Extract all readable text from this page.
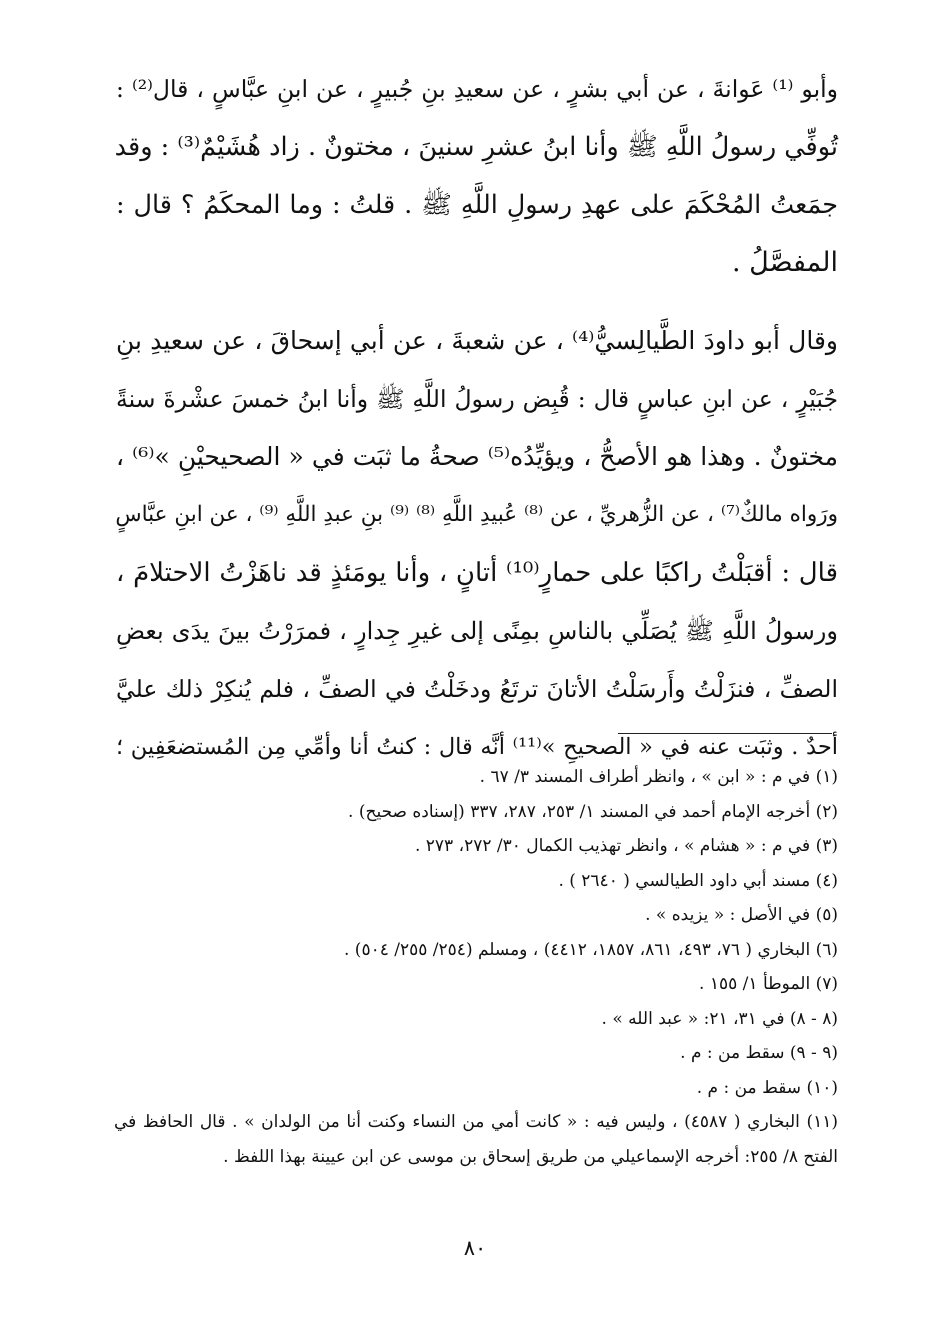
وأبو ⁽¹⁾ عَوانةَ ، عن أبي بشرٍ ، عن سعيدِ بنِ جُبيرٍ ، عن ابنِ عبَّاسٍ ، قال⁽²⁾ :
تُوفِّي رسولُ اللَّهِ ﷺ وأنا ابنُ عشرِ سنينَ ، مختونٌ . زاد هُشَيْمٌ⁽³⁾ : وقد
جمَعتُ المُحْكَمَ على عهدِ رسولِ اللَّهِ ﷺ . قلتُ : وما المحكَمُ ؟ قال :
المفصَّلُ .
وقال أبو داودَ الطَّيالِسيُّ⁽⁴⁾ ، عن شعبةَ ، عن أبي إسحاقَ ، عن سعيدِ بنِ
جُبَيْرٍ ، عن ابنِ عباسٍ قال : قُبِض رسولُ اللَّهِ ﷺ وأنا ابنُ خمسَ عشْرةَ سنةً
مختونٌ . وهذا هو الأصحُّ ، ويؤيِّدُه⁽⁵⁾ صحةُ ما ثبَت في « الصحيحيْنِ »⁽⁶⁾ ،
ورَواه مالكٌ⁽⁷⁾ ، عن الزُّهريِّ ، عن ⁽⁸⁾ عُبيدِ اللَّهِ ⁽⁸⁾ ⁽⁹⁾ بنِ عبدِ اللَّهِ ⁽⁹⁾ ، عن ابنِ عبَّاسٍ
قال : أقبَلْتُ راكبًا على حمارٍ⁽¹⁰⁾ أتانٍ ، وأنا يومَئذٍ قد ناهَزْتُ الاحتلامَ ،
ورسولُ اللَّهِ ﷺ يُصَلِّي بالناسِ بمِنًى إلى غيرِ جِدارٍ ، فمرَرْتُ بينَ يدَى بعضِ
الصفِّ ، فنزَلْتُ وأَرسَلْتُ الأتانَ ترتَعُ ودخَلْتُ في الصفِّ ، فلم يُنكِرْ ذلك عليَّ
أحدٌ . وثبَت عنه في « الصحيحِ »⁽¹¹⁾ أنَّه قال : كنتُ أنا وأمِّي مِن المُستضعَفِين ؛
(١) في م : « ابن » ، وانظر أطراف المسند ٣/ ٦٧ .
(٢) أخرجه الإمام أحمد في المسند ١/ ٢٥٣، ٢٨٧، ٣٣٧ (إسناده صحيح) .
(٣) في م : « هشام » ، وانظر تهذيب الكمال ٣٠/ ٢٧٢، ٢٧٣ .
(٤) مسند أبي داود الطيالسي ( ٢٦٤٠ ) .
(٥) في الأصل : « يزيده » .
(٦) البخاري ( ٧٦، ٤٩٣، ٨٦١، ١٨٥٧، ٤٤١٢) ، ومسلم (٢٥٤/ ٢٥٥/ ٥٠٤) .
(٧) الموطأ ١/ ١٥٥ .
(٨ - ٨) في ٣١، ٢١: « عبد الله » .
(٩ - ٩) سقط من : م .
(١٠) سقط من : م .
(١١) البخاري ( ٤٥٨٧) ، وليس فيه : « كانت أمي من النساء وكنت أنا من الولدان » . قال الحافظ في
الفتح ٨/ ٢٥٥: أخرجه الإسماعيلي من طريق إسحاق بن موسى عن ابن عيينة بهذا اللفظ .
٨٠
